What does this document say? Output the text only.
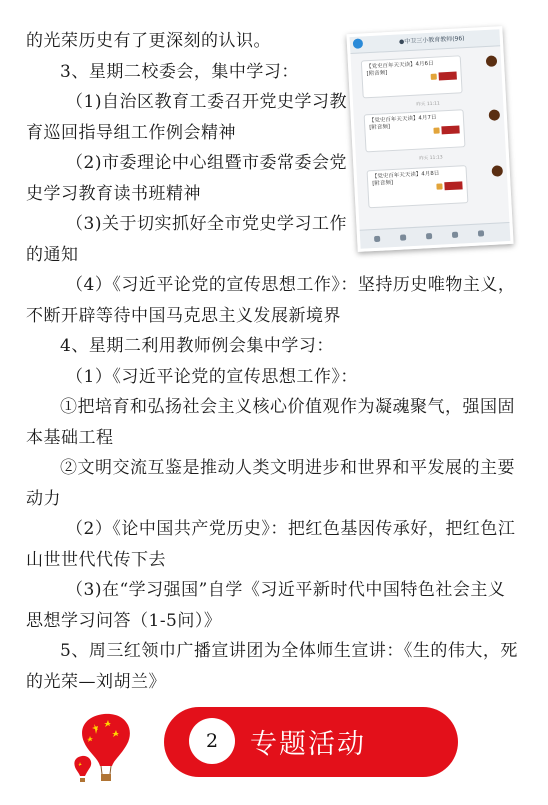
的光荣历史有了更深刻的认识。
3、星期二校委会，集中学习：
（1)自治区教育工委召开党史学习教
育巡回指导组工作例会精神
（2)市委理论中心组暨市委常委会党
史学习教育读书班精神
（3)关于切实抓好全市党史学习工作
的通知
（4）《习近平论党的宣传思想工作》：坚持历史唯物主义，
不断开辟等待中国马克思主义发展新境界
4、星期二利用教师例会集中学习：
（1）《习近平论党的宣传思想工作》：
①把培育和弘扬社会主义核心价值观作为凝魂聚气，强国固
本基础工程
②文明交流互鉴是推动人类文明进步和世界和平发展的主要
动力
（2）《论中国共产党历史》：把红色基因传承好，把红色江
山世世代代传下去
（3)在“学习强国”自学《习近平新时代中国特色社会主义
思想学习问答（1-5问）》
5、周三红领巾广播宣讲团为全体师生宣讲：《生的伟大，死
的光荣—刘胡兰》
●中卫三小教育教师(96)
【党史百年天天读】4月6日
[附音频]
昨天 11:11
【党史百年天天读】4月7日
[附音频]
昨天 11:13
【党史百年天天读】4月8日
[附音频]
2	专题活动
